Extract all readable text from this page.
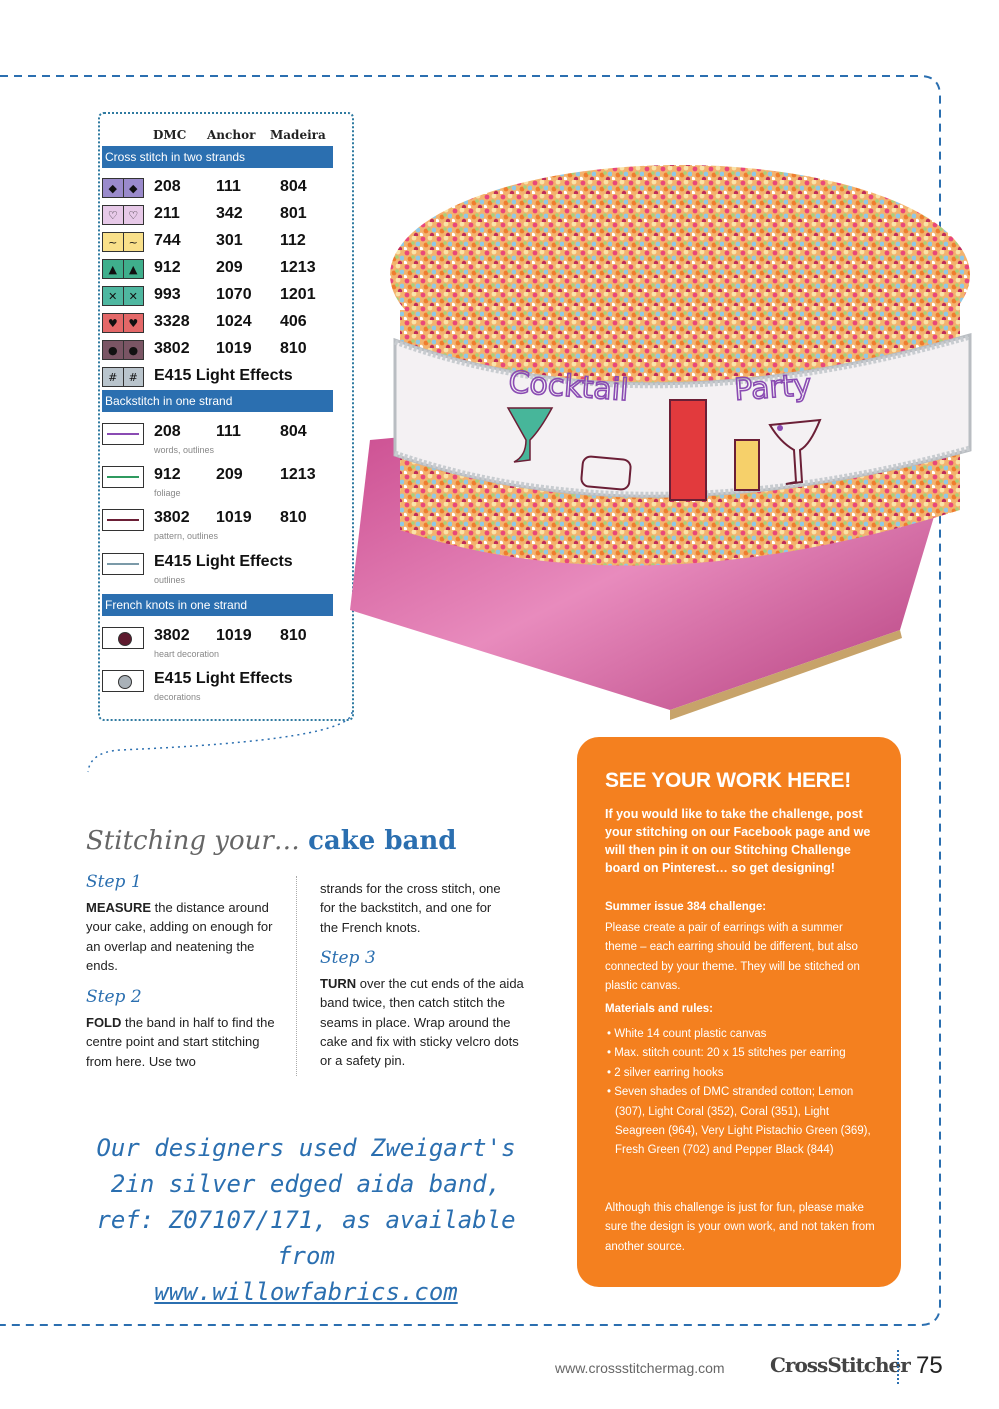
DMC Anchor Madeira
Cross stitch in two strands
◆	◆	208 111 804
♡ ♡ 211 342 801
~	~	744 301 112
▲	▲	912 209 1213
✕	✕	993 1070 1201
♥ ♥ 3328 1024 406
● ● 3802 1019 810
#	#	E415 Light Effects
Backstitch in one strand
208 111 804
words, outlines
912 209 1213
foliage
3802 1019 810
pattern, outlines
E415 Light Effects
outlines
French knots in one strand
3802 1019 810
heart decoration
E415 Light Effects
decorations
Cocktail	Party
Stitching your… cake band
Step 1
MEASURE the distance around your cake, adding on enough for an overlap and neatening the ends.
Step 2
FOLD the band in half to find the centre point and start stitching from here. Use two
strands for the cross stitch, one for the backstitch, and one for the French knots.
Step 3
TURN over the cut ends of the aida band twice, then catch stitch the seams in place. Wrap around the cake and fix with sticky velcro dots or a safety pin.
Our designers used Zweigart's
2in silver edged aida band,
ref: Z07107/171, as available from
www.willowfabrics.com
SEE YOUR WORK HERE!
If you would like to take the challenge, post your stitching on our Facebook page and we will then pin it on our Stitching Challenge board on Pinterest… so get designing!
Summer issue 384 challenge:
Please create a pair of earrings with a summer theme – each earring should be different, but also connected by your theme. They will be stitched on plastic canvas.
Materials and rules:
• White 14 count plastic canvas
• Max. stitch count: 20 x 15 stitches per earring
• 2 silver earring hooks
• Seven shades of DMC stranded cotton; Lemon (307), Light Coral (352), Coral (351), Light Seagreen (964), Very Light Pistachio Green (369), Fresh Green (702) and Pepper Black (844)
Although this challenge is just for fun, please make sure the design is your own work, and not taken from another source.
www.crossstitchermag.com CrossStitcher 75
